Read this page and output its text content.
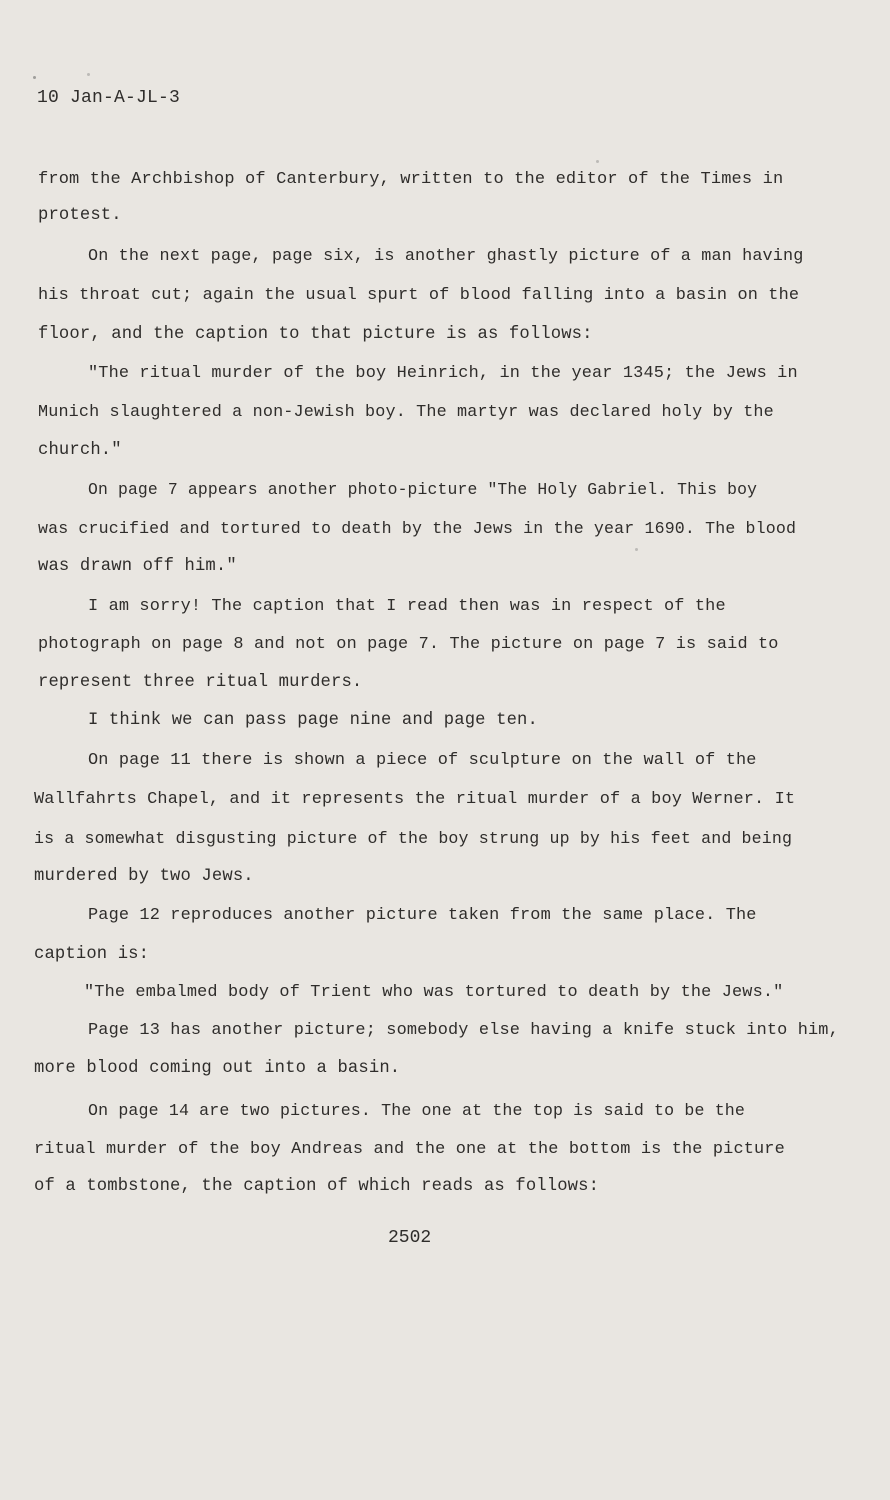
10 Jan-A-JL-3
from the Archbishop of Canterbury, written to the editor of the Times in
protest.
On the next page, page six, is another ghastly picture of a man having
his throat cut; again the usual spurt of blood falling into a basin on the
floor, and the caption to that picture is as follows:
"The ritual murder of the boy Heinrich, in the year 1345; the Jews in
Munich slaughtered a non-Jewish boy. The martyr was declared holy by the
church."
On page 7 appears another photo-picture "The Holy Gabriel. This boy
was crucified and tortured to death by the Jews in the year 1690. The blood
was drawn off him."
I am sorry! The caption that I read then was in respect of the
photograph on page 8 and not on page 7. The picture on page 7 is said to
represent three ritual murders.
I think we can pass page nine and page ten.
On page 11 there is shown a piece of sculpture on the wall of the
Wallfahrts Chapel, and it represents the ritual murder of a boy Werner. It
is a somewhat disgusting picture of the boy strung up by his feet and being
murdered by two Jews.
Page 12 reproduces another picture taken from the same place. The
caption is:
"The embalmed body of Trient who was tortured to death by the Jews."
Page 13 has another picture; somebody else having a knife stuck into him,
more blood coming out into a basin.
On page 14 are two pictures. The one at the top is said to be the
ritual murder of the boy Andreas and the one at the bottom is the picture
of a tombstone, the caption of which reads as follows:
2502
